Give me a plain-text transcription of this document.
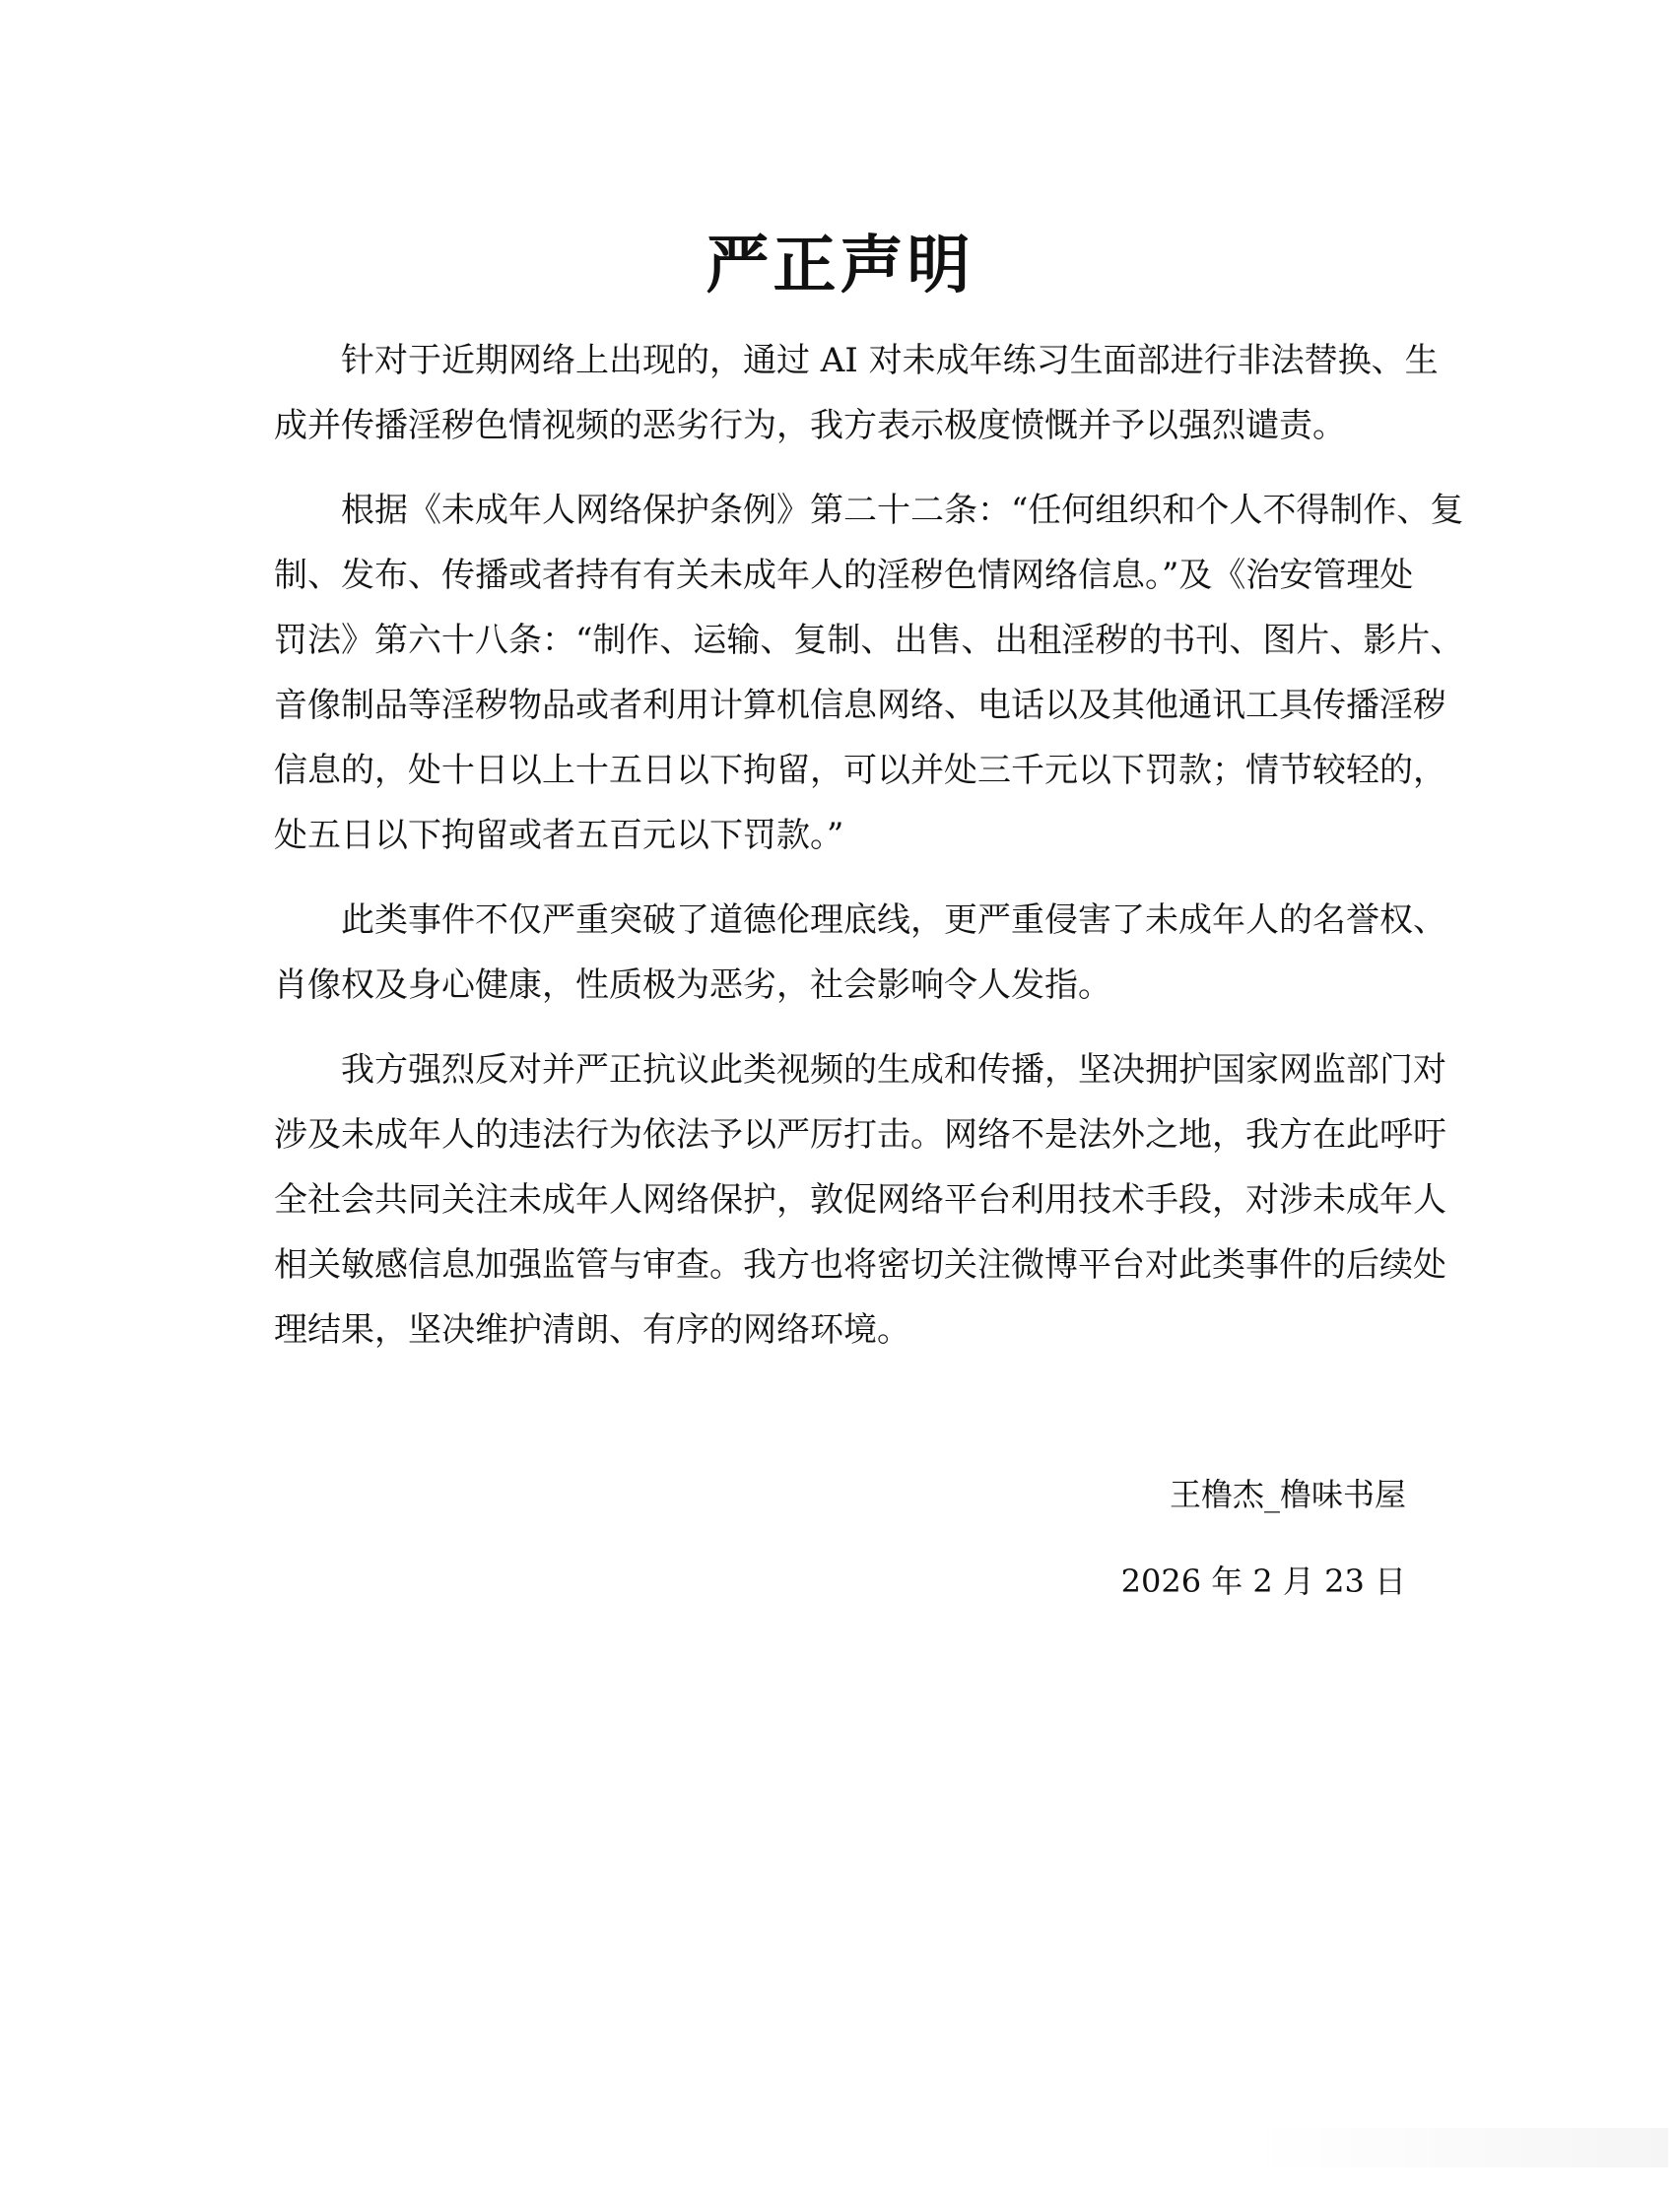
严正声明
针对于近期网络上出现的，通过 AI 对未成年练习生面部进行非法替换、生
成并传播淫秽色情视频的恶劣行为，我方表示极度愤慨并予以强烈谴责。
根据《未成年人网络保护条例》第二十二条：“任何组织和个人不得制作、复
制、发布、传播或者持有有关未成年人的淫秽色情网络信息。”及《治安管理处
罚法》第六十八条：“制作、运输、复制、出售、出租淫秽的书刊、图片、影片、
音像制品等淫秽物品或者利用计算机信息网络、电话以及其他通讯工具传播淫秽
信息的，处十日以上十五日以下拘留，可以并处三千元以下罚款；情节较轻的，
处五日以下拘留或者五百元以下罚款。”
此类事件不仅严重突破了道德伦理底线，更严重侵害了未成年人的名誉权、
肖像权及身心健康，性质极为恶劣，社会影响令人发指。
我方强烈反对并严正抗议此类视频的生成和传播，坚决拥护国家网监部门对
涉及未成年人的违法行为依法予以严厉打击。网络不是法外之地，我方在此呼吁
全社会共同关注未成年人网络保护，敦促网络平台利用技术手段，对涉未成年人
相关敏感信息加强监管与审查。我方也将密切关注微博平台对此类事件的后续处
理结果，坚决维护清朗、有序的网络环境。
王橹杰_橹味书屋
2026 年 2 月 23 日
